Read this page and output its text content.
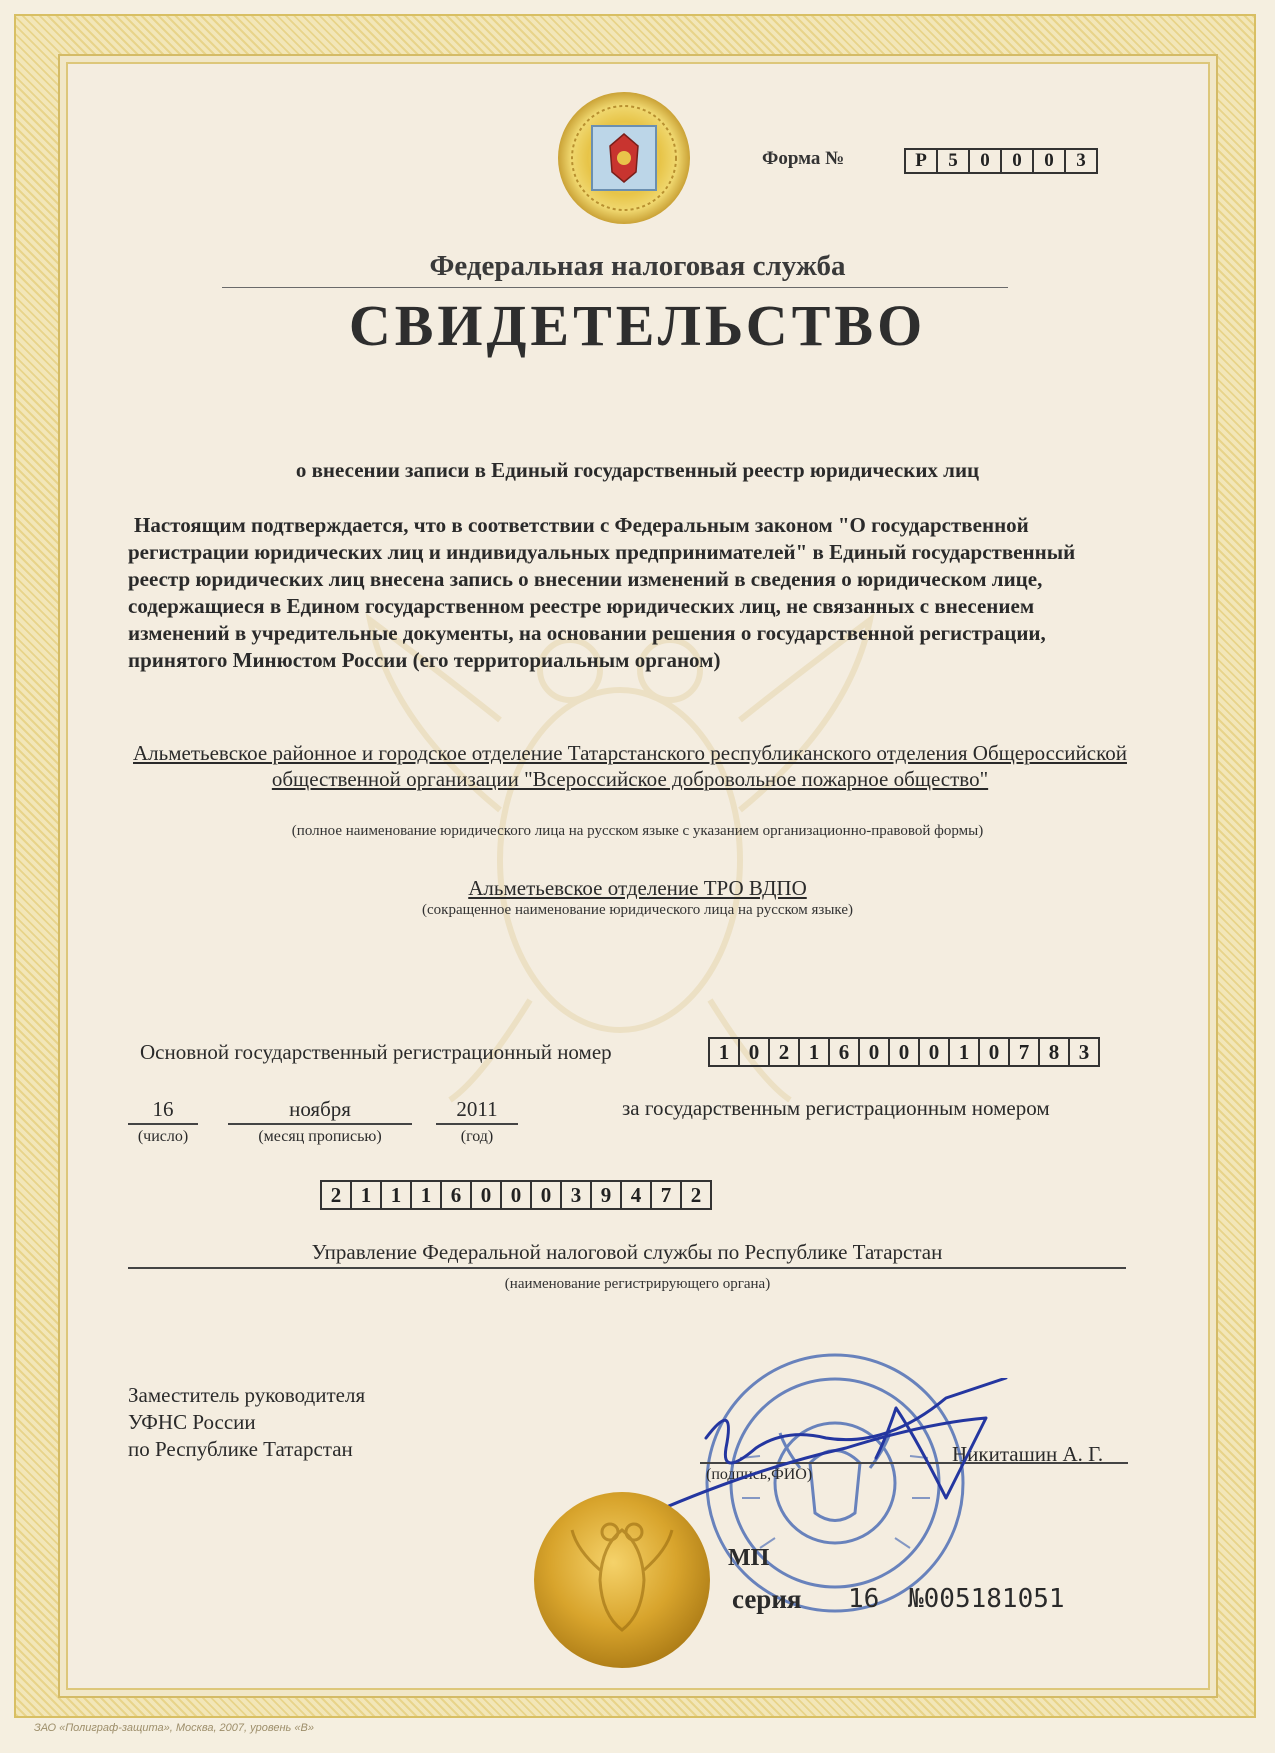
Форма №	Р	5	0	0	0	3
Федеральная налоговая служба
СВИДЕТЕЛЬСТВО
о внесении записи в Единый государственный реестр юридических лиц
Настоящим подтверждается, что в соответствии с Федеральным законом "О государственной регистрации юридических лиц и индивидуальных предпринимателей" в Единый государственный реестр юридических лиц внесена запись о внесении изменений в сведения о юридическом лице, содержащиеся в Едином государственном реестре юридических лиц, не связанных с внесением изменений в учредительные документы, на основании решения о государственной регистрации, принятого Минюстом России (его территориальным органом)
Альметьевское районное и городское отделение Татарстанского республиканского отделения Общероссийской общественной организации "Всероссийское добровольное пожарное общество"
(полное наименование юридического лица на русском языке с указанием организационно-правовой формы)
Альметьевское отделение ТРО ВДПО
(сокращенное наименование юридического лица на русском языке)
Основной государственный регистрационный номер	1 0 2 1 6 0 0 0 1 0 7 8 3
16	ноября	2011
(число)	(месяц прописью)	(год)
за государственным регистрационным номером
2 1 1 1 6 0 0 0 3 9 4 7 2
Управление Федеральной налоговой службы по Республике Татарстан
(наименование регистрирующего органа)
Заместитель руководителя
УФНС России
по Республике Татарстан	Никиташин А. Г.
(подпись,ФИО)
МП
серия 16 №005181051
ЗАО «Полиграф-защита», Москва, 2007, уровень «В»
